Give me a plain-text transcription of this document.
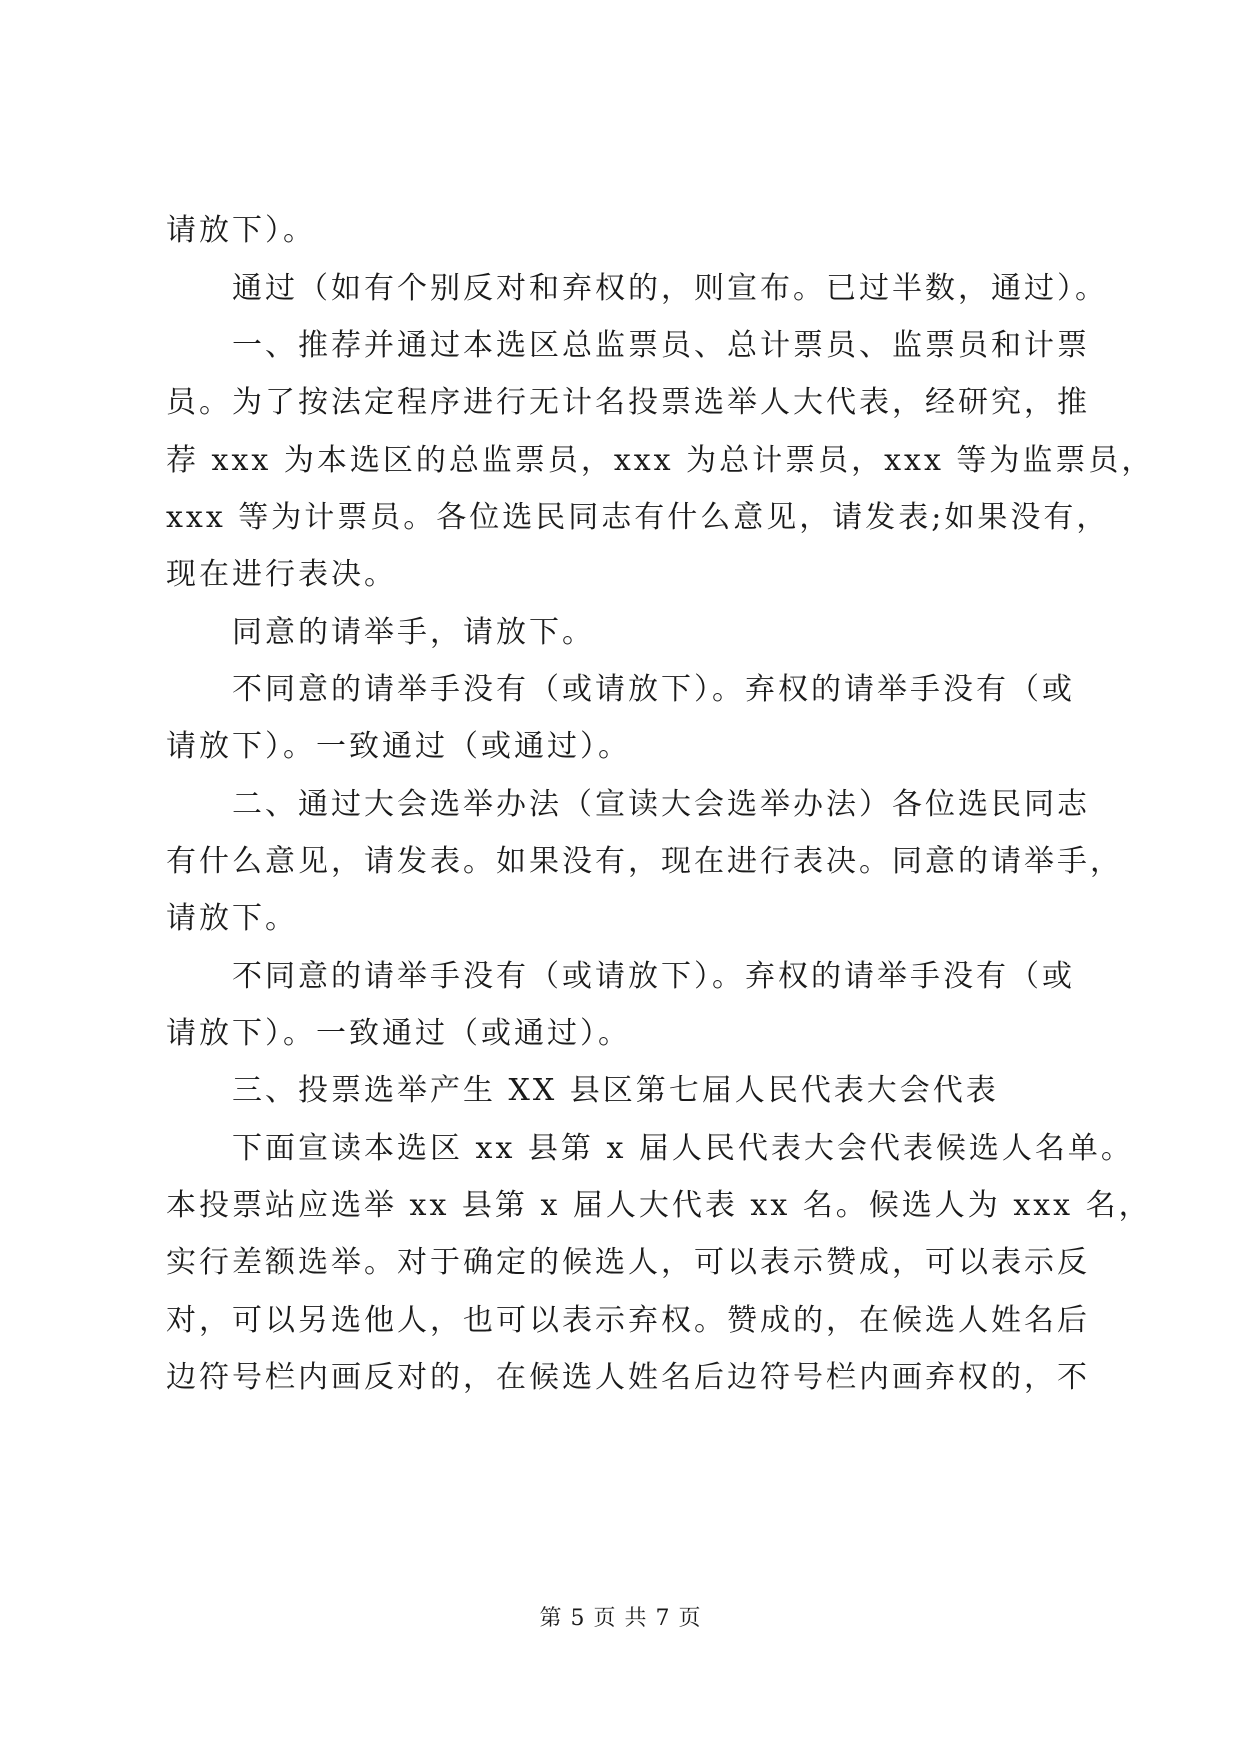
请放下）。
通过（如有个别反对和弃权的，则宣布。已过半数，通过）。
一、推荐并通过本选区总监票员、总计票员、监票员和计票
员。为了按法定程序进行无计名投票选举人大代表，经研究，推
荐 xxx 为本选区的总监票员，xxx 为总计票员，xxx 等为监票员，
xxx 等为计票员。各位选民同志有什么意见，请发表;如果没有，
现在进行表决。
同意的请举手，请放下。
不同意的请举手没有（或请放下）。弃权的请举手没有（或
请放下）。一致通过（或通过）。
二、通过大会选举办法（宣读大会选举办法）各位选民同志
有什么意见，请发表。如果没有，现在进行表决。同意的请举手，
请放下。
不同意的请举手没有（或请放下）。弃权的请举手没有（或
请放下）。一致通过（或通过）。
三、投票选举产生 XX 县区第七届人民代表大会代表
下面宣读本选区 xx 县第 x 届人民代表大会代表候选人名单。
本投票站应选举 xx 县第 x 届人大代表 xx 名。候选人为 xxx 名，
实行差额选举。对于确定的候选人，可以表示赞成，可以表示反
对，可以另选他人，也可以表示弃权。赞成的，在候选人姓名后
边符号栏内画反对的，在候选人姓名后边符号栏内画弃权的，不
第 5 页 共 7 页
